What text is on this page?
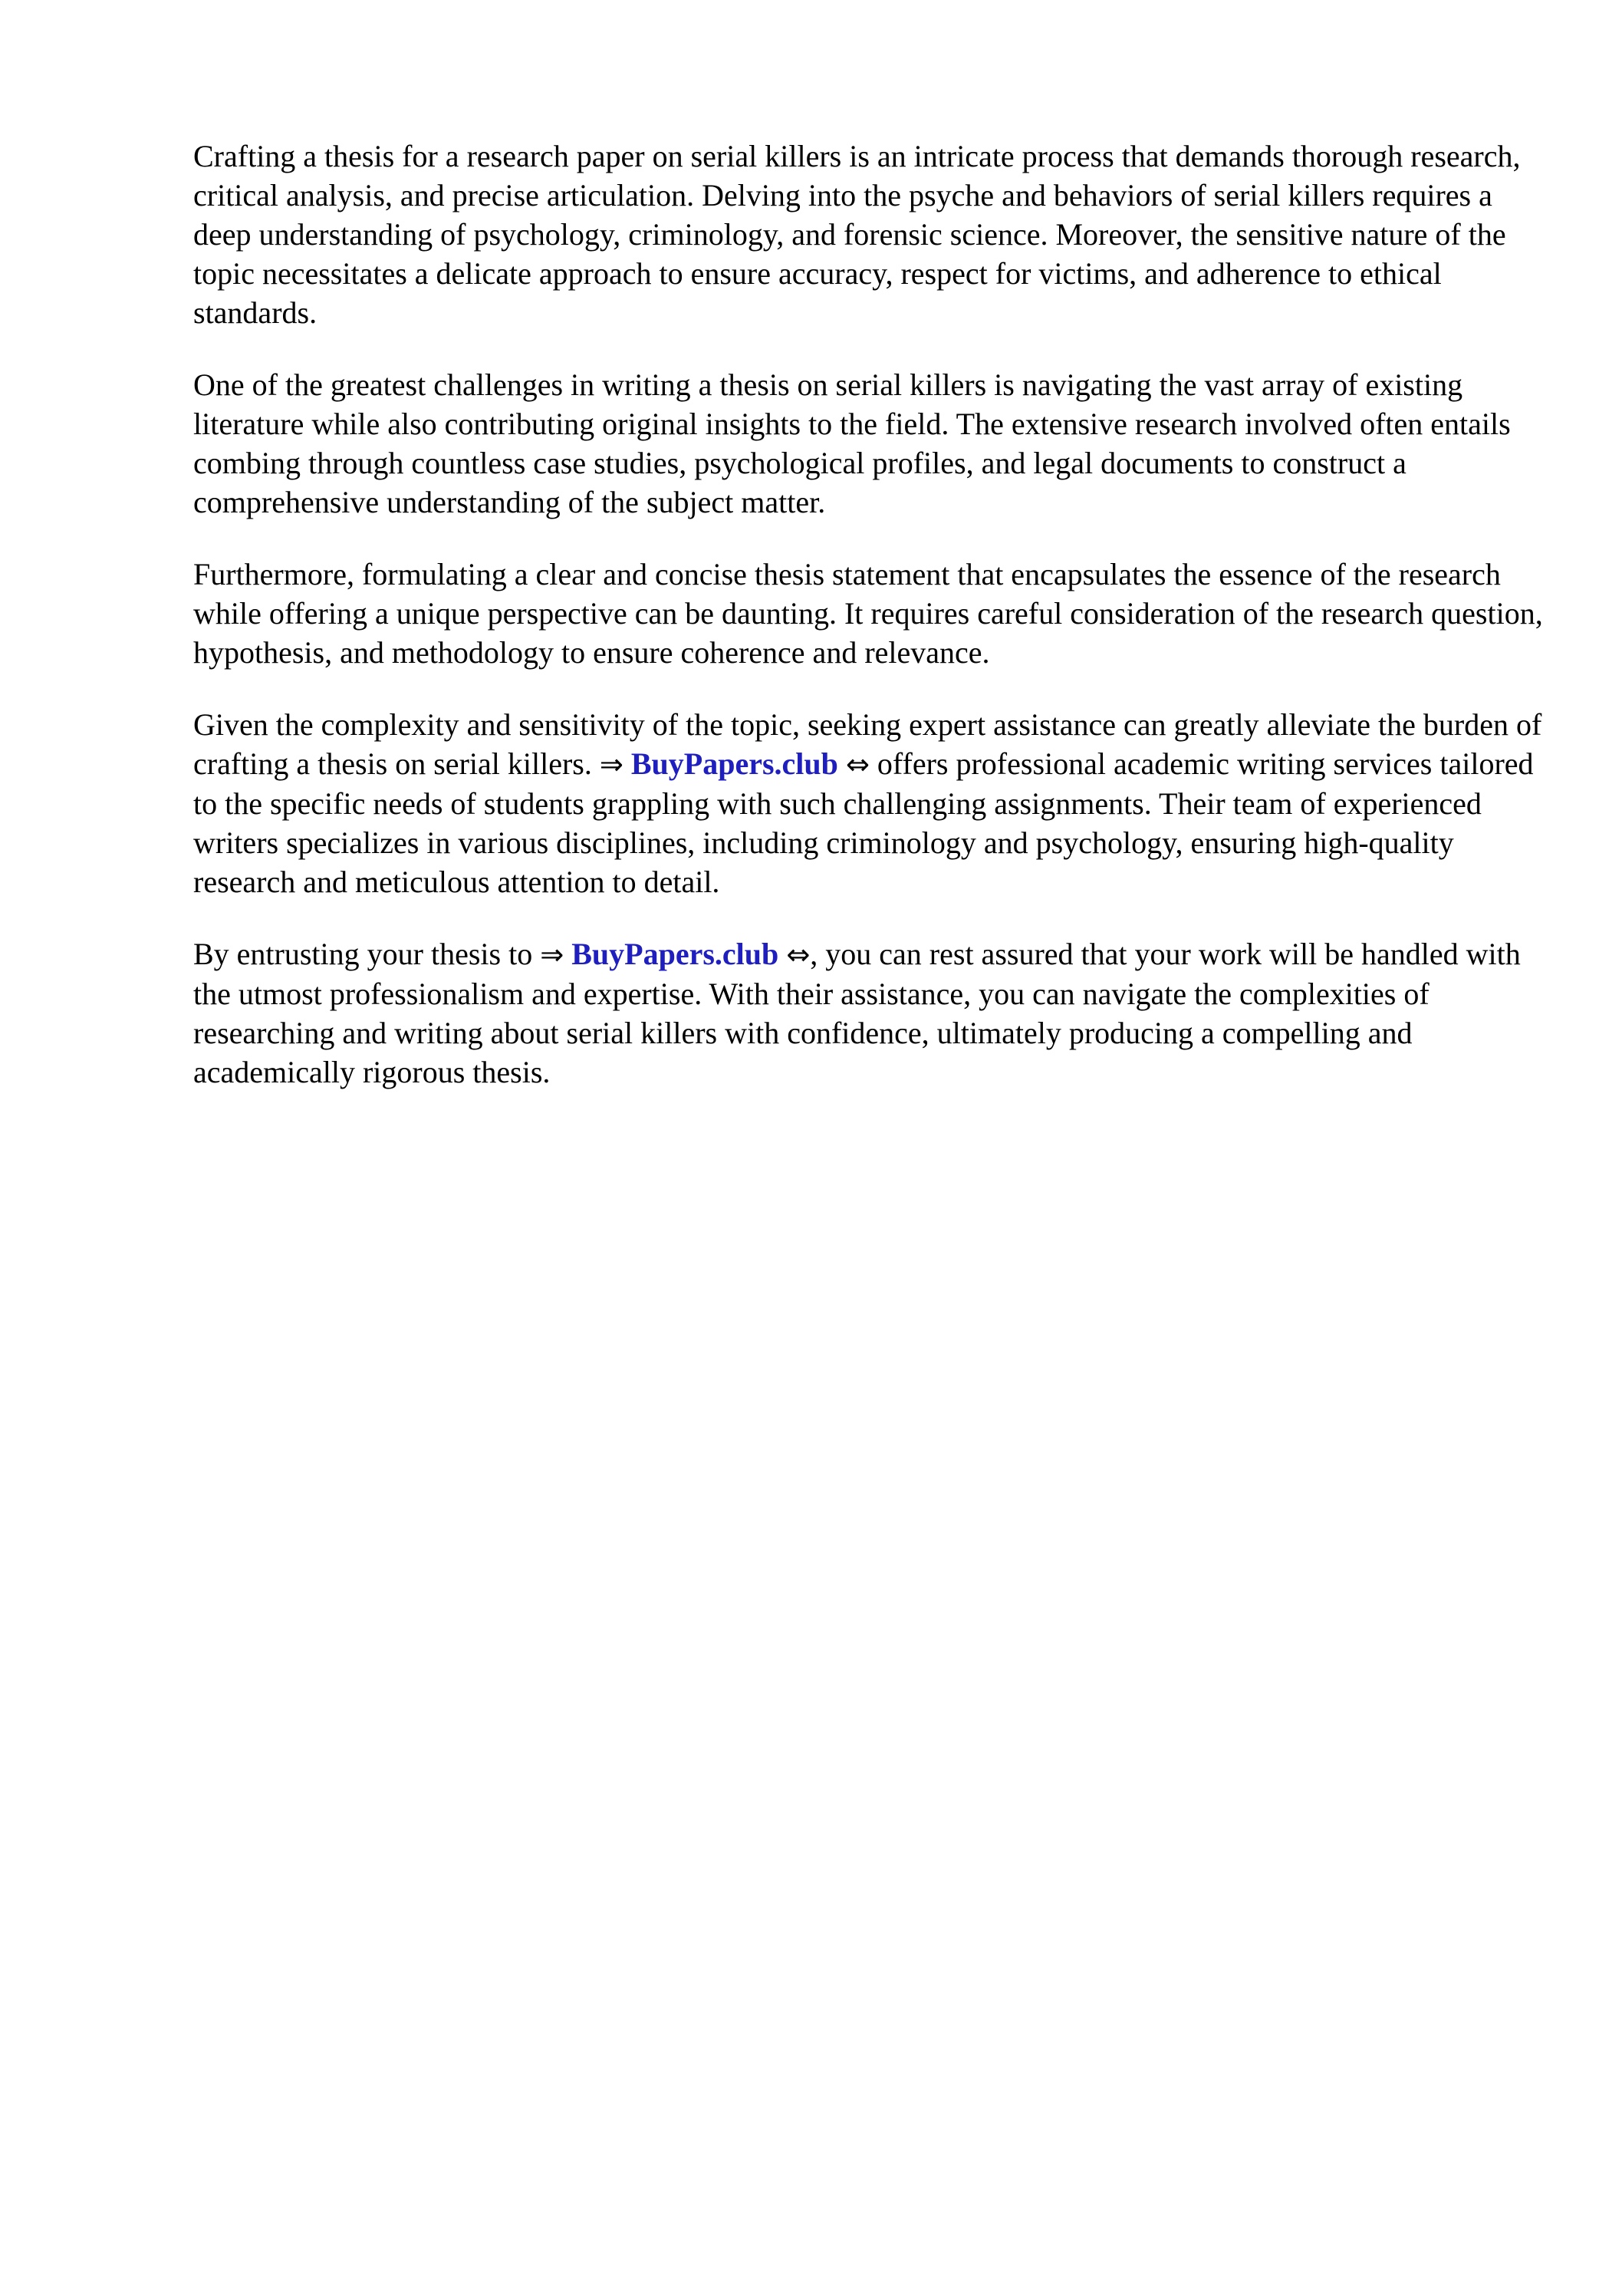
Crafting a thesis for a research paper on serial killers is an intricate process that demands thorough research, critical analysis, and precise articulation. Delving into the psyche and behaviors of serial killers requires a deep understanding of psychology, criminology, and forensic science. Moreover, the sensitive nature of the topic necessitates a delicate approach to ensure accuracy, respect for victims, and adherence to ethical standards.

One of the greatest challenges in writing a thesis on serial killers is navigating the vast array of existing literature while also contributing original insights to the field. The extensive research involved often entails combing through countless case studies, psychological profiles, and legal documents to construct a comprehensive understanding of the subject matter.

Furthermore, formulating a clear and concise thesis statement that encapsulates the essence of the research while offering a unique perspective can be daunting. It requires careful consideration of the research question, hypothesis, and methodology to ensure coherence and relevance.

Given the complexity and sensitivity of the topic, seeking expert assistance can greatly alleviate the burden of crafting a thesis on serial killers. ⇒ BuyPapers.club ⇔ offers professional academic writing services tailored to the specific needs of students grappling with such challenging assignments. Their team of experienced writers specializes in various disciplines, including criminology and psychology, ensuring high-quality research and meticulous attention to detail.

By entrusting your thesis to ⇒ BuyPapers.club ⇔, you can rest assured that your work will be handled with the utmost professionalism and expertise. With their assistance, you can navigate the complexities of researching and writing about serial killers with confidence, ultimately producing a compelling and academically rigorous thesis.
